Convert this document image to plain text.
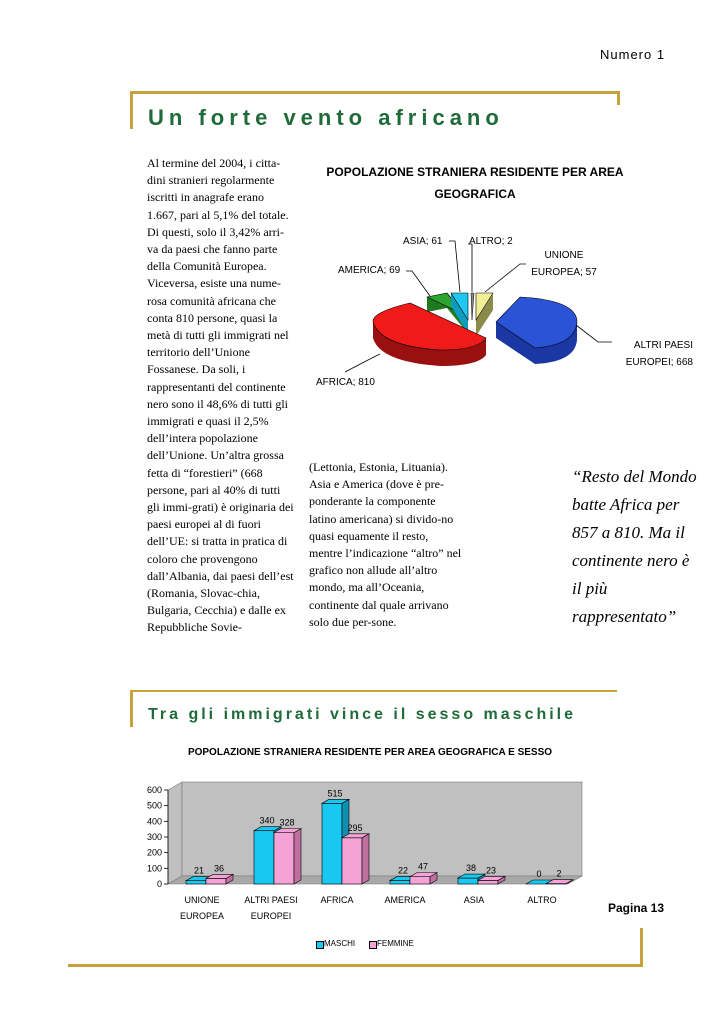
Numero 1
Un forte vento africano
Al termine del 2004, i citta-dini stranieri regolarmente iscritti in anagrafe erano 1.667, pari al 5,1% del totale. Di questi, solo il 3,42% arri-va da paesi che fanno parte della Comunità Europea. Viceversa, esiste una nume-rosa comunità africana che conta 810 persone, quasi la metà di tutti gli immigrati nel territorio dell’Unione Fossanese. Da soli, i rappresentanti del continente nero sono il 48,6% di tutti gli immigrati e quasi il 2,5% dell’intera popolazione dell’Unione. Un’altra grossa fetta di “forestieri” (668 persone, pari al 40% di tutti gli immi-grati) è originaria dei paesi europei al di fuori dell’UE: si tratta in pratica di coloro che provengono dall’Albania, dai paesi dell’est (Romania, Slovac-chia, Bulgaria, Cecchia) e dalle ex Repubbliche Sovie-
(Lettonia, Estonia, Lituania). Asia e America (dove è pre-ponderante la componente latino americana) si divido-no quasi equamente il resto, mentre l’indicazione “altro” nel grafico non allude all’altro mondo, ma all’Oceania, continente dal quale arrivano solo due per-sone.
“Resto del Mondo batte Africa per 857 a 810. Ma il continente nero è il più rappresentato”
POPOLAZIONE STRANIERA RESIDENTE PER AREA GEOGRAFICA
ASIA; 61	ALTRO; 2
UNIONE EUROPEA; 57
AMERICA; 69
ALTRI PAESI EUROPEI; 668
AFRICA; 810
Tra gli immigrati vince il sesso maschile
POPOLAZIONE STRANIERA RESIDENTE PER AREA GEOGRAFICA E SESSO
0
100
200
300
400
500
600
21 36
340 328
515
295
22 47	38 23	0 2
UNIONE EUROPEA
ALTRI PAESI EUROPEI
AFRICA	AMERICA	ASIA	ALTRO
MASCHI	FEMMINE
Pagina 13
